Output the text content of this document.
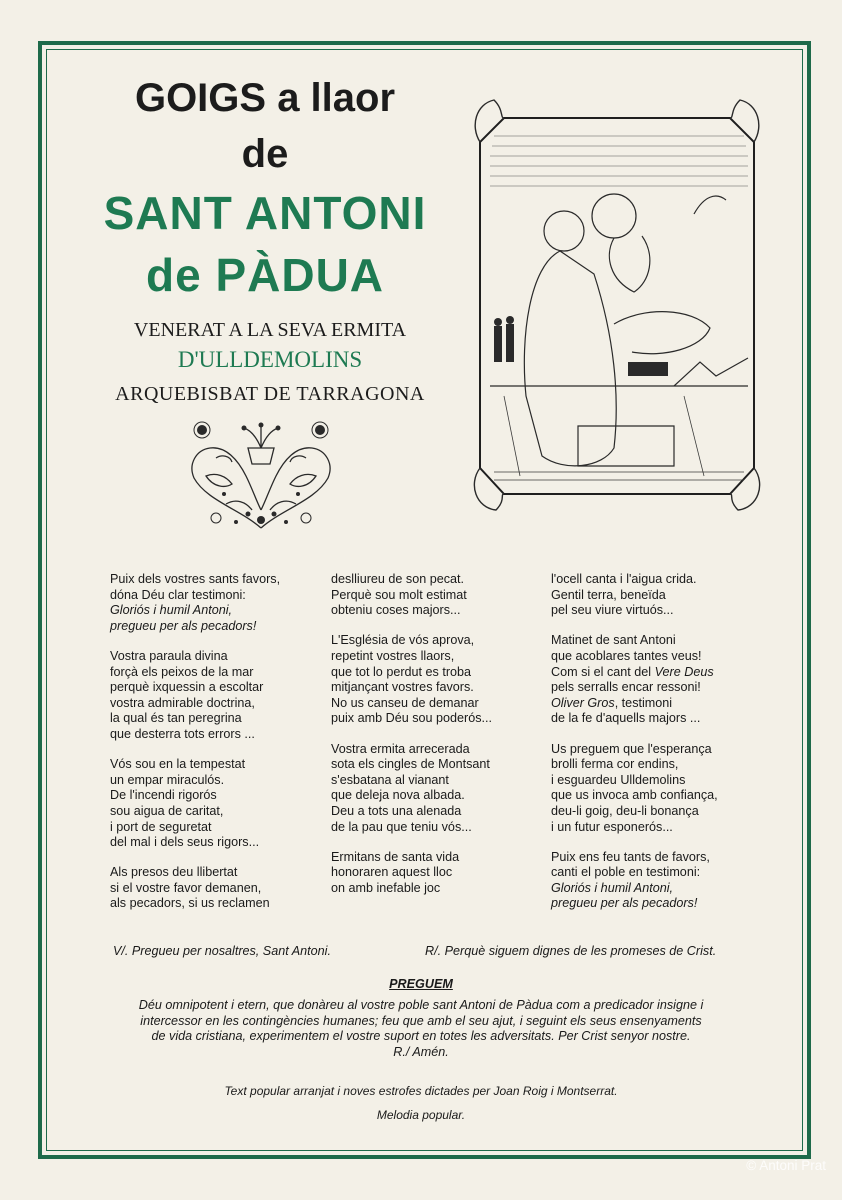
GOIGS a llaor
de
SANT ANTONI
de PÀDUA
VENERAT A LA SEVA ERMITA
D'ULLDEMOLINS
ARQUEBISBAT DE TARRAGONA
Puix dels vostres sants favors,
dóna Déu clar testimoni:
Gloriós i humil Antoni,
pregueu per als pecadors!
Vostra paraula divina
forçà els peixos de la mar
perquè ixquessin a escoltar
vostra admirable doctrina,
la qual és tan peregrina
que desterra tots errors ...
Vós sou en la tempestat
un empar miraculós.
De l'incendi rigorós
sou aigua de caritat,
i port de seguretat
del mal i dels seus rigors...
Als presos deu llibertat
si el vostre favor demanen,
als pecadors, si us reclamen
deslliureu de son pecat.
Perquè sou molt estimat
obteniu coses majors...
L'Església de vós aprova,
repetint vostres llaors,
que tot lo perdut es troba
mitjançant vostres favors.
No us canseu de demanar
puix amb Déu sou poderós...
Vostra ermita arrecerada
sota els cingles de Montsant
s'esbatana al vianant
que deleja nova albada.
Deu a tots una alenada
de la pau que teniu vós...
Ermitans de santa vida
honoraren aquest lloc
on amb inefable joc
l'ocell canta i l'aigua crida.
Gentil terra, beneïda
pel seu viure virtuós...
Matinet de sant Antoni
que acoblares tantes veus!
Com si el cant del Vere Deus
pels serralls encar ressoni!
Oliver Gros, testimoni
de la fe d'aquells majors ...
Us preguem que l'esperança
brolli ferma cor endins,
i esguardeu Ulldemolins
que us invoca amb confiança,
deu-li goig, deu-li bonança
i un futur esponerós...
Puix ens feu tants de favors,
canti el poble en testimoni:
Gloriós i humil Antoni,
pregueu per als pecadors!
V/. Pregueu per nosaltres, Sant Antoni.	R/. Perquè siguem dignes de les promeses de Crist.
PREGUEM
Déu omnipotent i etern, que donàreu al vostre poble sant Antoni de Pàdua com a predicador insigne i
intercessor en les contingències humanes; feu que amb el seu ajut, i seguint els seus ensenyaments
de vida cristiana, experimentem el vostre suport en totes les adversitats. Per Crist senyor nostre.
R./ Amén.
Text popular arranjat i noves estrofes dictades per Joan Roig i Montserrat.
Melodia popular.
© Antoni Prat
